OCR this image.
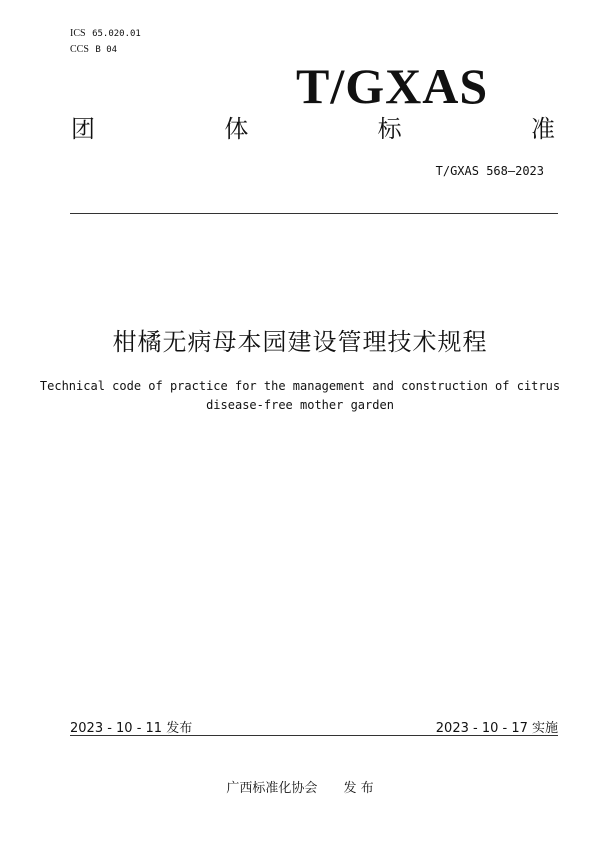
ICS 65.020.01
CCS B 04
T/GXAS
团	体	标	准
T/GXAS 568—2023
柑橘无病母本园建设管理技术规程
Technical code of practice for the management and construction of citrus
disease-free mother garden
2023 - 10 - 11 发布	2023 - 10 - 17 实施
广西标准化协会 发 布
